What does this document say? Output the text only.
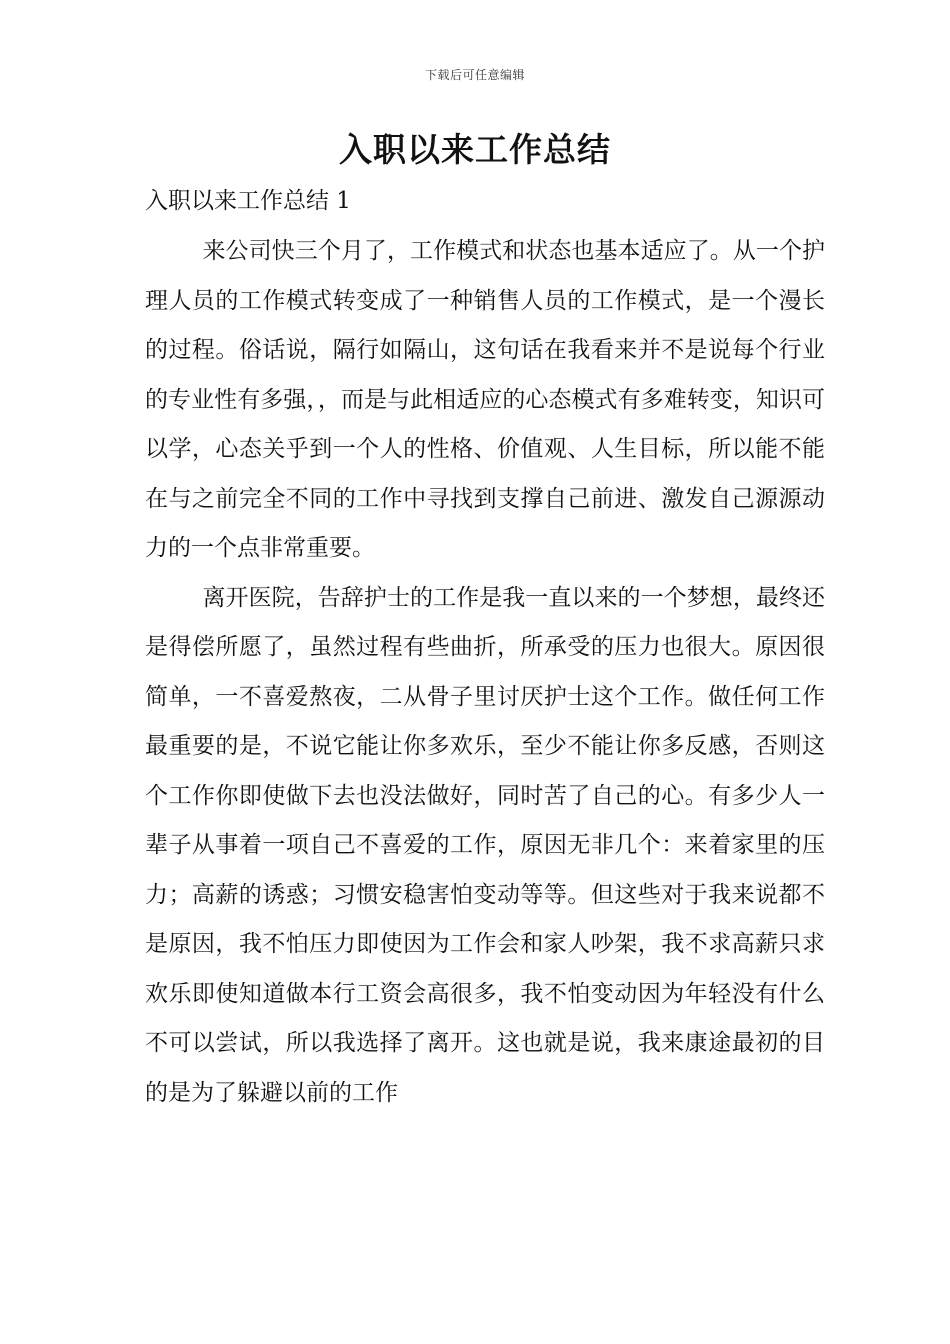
下载后可任意编辑
入职以来工作总结
入职以来工作总结 1

来公司快三个月了，工作模式和状态也基本适应了。从一个护理人员的工作模式转变成了一种销售人员的工作模式，是一个漫长的过程。俗话说，隔行如隔山，这句话在我看来并不是说每个行业的专业性有多强，，而是与此相适应的心态模式有多难转变，知识可以学，心态关乎到一个人的性格、价值观、人生目标，所以能不能在与之前完全不同的工作中寻找到支撑自己前进、激发自己源源动力的一个点非常重要。

离开医院，告辞护士的工作是我一直以来的一个梦想，最终还是得偿所愿了，虽然过程有些曲折，所承受的压力也很大。原因很简单，一不喜爱熬夜，二从骨子里讨厌护士这个工作。做任何工作最重要的是，不说它能让你多欢乐，至少不能让你多反感，否则这个工作你即使做下去也没法做好，同时苦了自己的心。有多少人一辈子从事着一项自己不喜爱的工作，原因无非几个：来着家里的压力；高薪的诱惑；习惯安稳害怕变动等等。但这些对于我来说都不是原因，我不怕压力即使因为工作会和家人吵架，我不求高薪只求欢乐即使知道做本行工资会高很多，我不怕变动因为年轻没有什么不可以尝试，所以我选择了离开。这也就是说，我来康途最初的目的是为了躲避以前的工作
